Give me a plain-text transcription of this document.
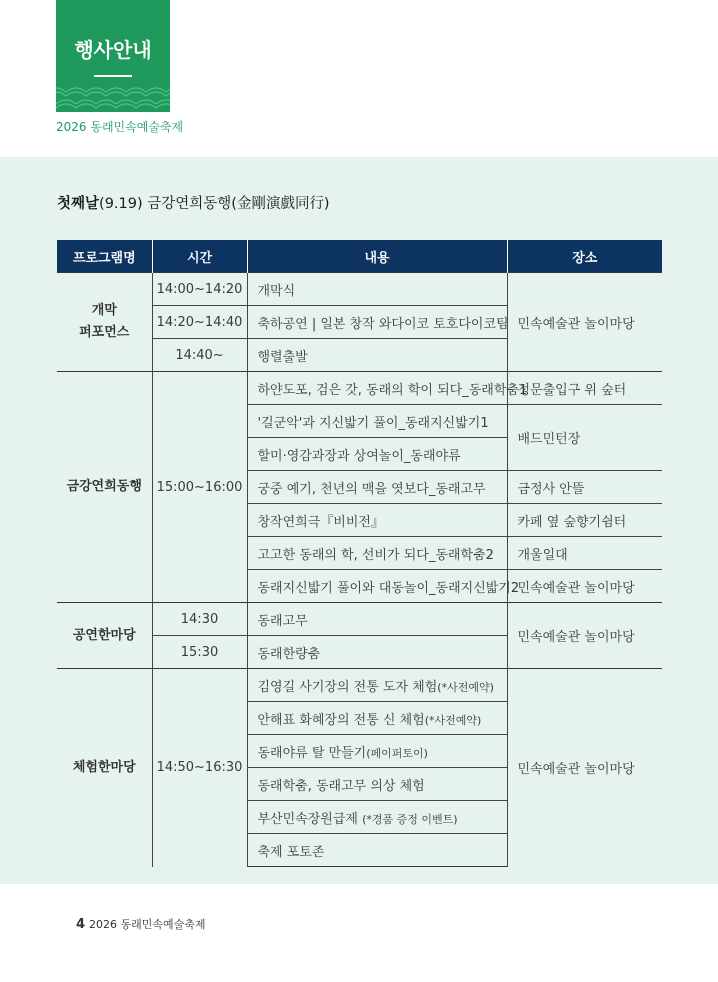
행사안내
2026 동래민속예술축제
첫째날(9.19) 금강연희동행(金剛演戲同行)
프로그램명	시간	내용	장소
개막
퍼포먼스	14:00~14:20	개막식	민속예술관 놀이마당
	14:20~14:40	축하공연 | 일본 창작 와다이코 토호다이코팀	
	14:40~	행렬출발	
금강연희동행	15:00~16:00	하얀도포, 검은 갓, 동래의 학이 되다_동래학춤1	정문출입구 위 숲터
		'길군악'과 지신밟기 풀이_동래지신밟기1	배드민턴장
		할미·영감과장과 상여놀이_동래야류	
		궁중 예기, 천년의 맥을 엿보다_동래고무	금정사 안뜰
		창작연희극『비비전』	카페 옆 숲향기쉼터
		고고한 동래의 학, 선비가 되다_동래학춤2	개울일대
		동래지신밟기 풀이와 대동놀이_동래지신밟기2	민속예술관 놀이마당
공연한마당	14:30	동래고무	민속예술관 놀이마당
	15:30	동래한량춤	
체험한마당	14:50~16:30	김영길 사기장의 전통 도자 체험(*사전예약)	민속예술관 놀이마당
		안해표 화혜장의 전통 신 체험(*사전예약)	
		동래야류 탈 만들기(페이퍼토이)	
		동래학춤, 동래고무 의상 체험	
		부산민속장원급제 (*경품 증정 이벤트)	
		축제 포토존	
4 2026 동래민속예술축제
